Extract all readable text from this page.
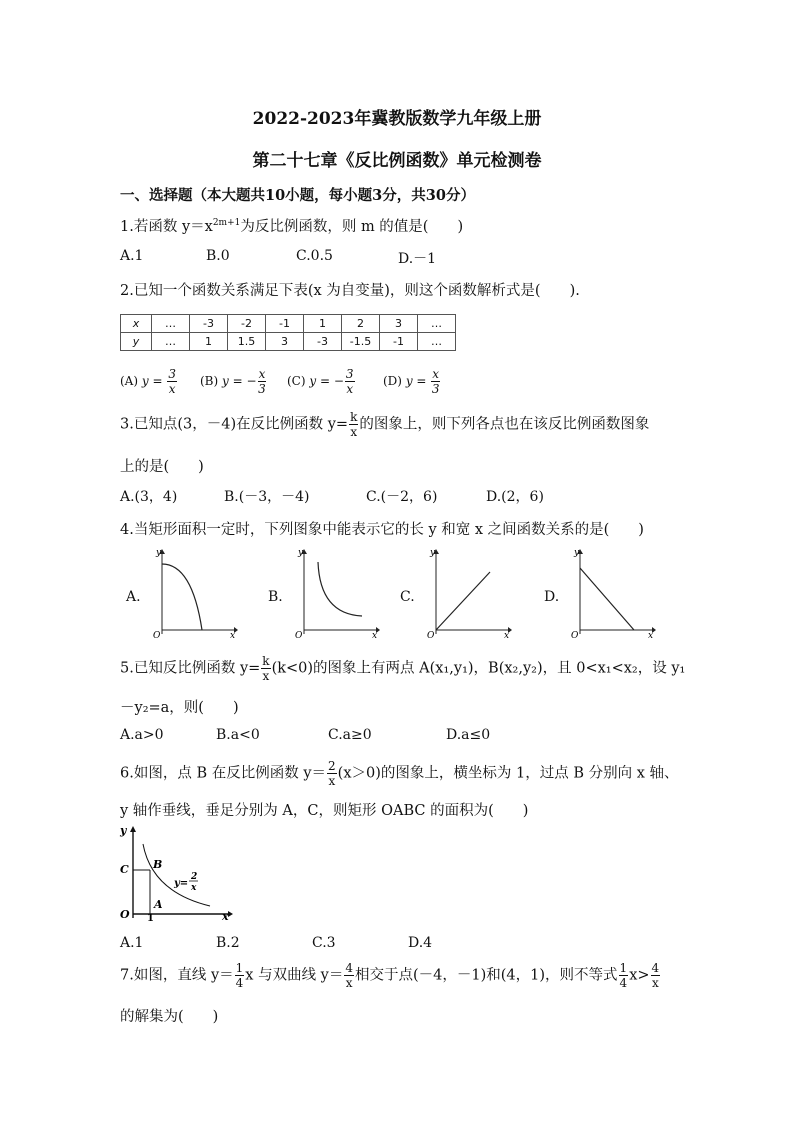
2022-2023年冀教版数学九年级上册
第二十七章《反比例函数》单元检测卷
一、选择题（本大题共10小题，每小题3分，共30分）
1.若函数 $y=x^{2m+1}$为反比例函数，则 m 的值是(　　)
A.1	B.0	C.0.5	D.－1
2.已知一个函数关系满足下表(x 为自变量)，则这个函数解析式是(　　).
x	…	-3	-2	-1	1	2	3	…
y	…	1	1.5	3	-3	-1.5	-1	…
(A) $y = \frac{3}{x} (B) y$ = − $\frac{x}{3} (C) y$ = − $\frac{3}{x} (D) y = \frac{x}{3}$
3.已知点(3，－4)在反比例函数 $y= \frac{k}{x}$ 的图象上，则下列各点也在该反比例函数图象
上的是(　　)
A.(3，4)	B.(－3，－4)	C.(－2，6)	D.(2，6)
4.当矩形面积一定时，下列图象中能表示它的长 y 和宽 x 之间函数关系的是(　　)
A.
y
x
O
B.
y
x
O
C.
y
x
O
D.
y
x
O
5.已知反比例函数 $y= \frac{k}{x} (k<0)$的图象上有两点 A(x₁,y₁)，B(x₂,y₂)，且 0<x₁<x₂，设 y₁
－y₂=a，则(　　)
A.a>0	B.a<0	C.a≥0	D.a≤0
6.如图，点 B 在反比例函数 $y= \frac{2}{x} (x>0)$的图象上，横坐标为 1，过点 B 分别向 x 轴、
y 轴作垂线，垂足分别为 A，C，则矩形 OABC 的面积为(　　)
y
x
O
C B
A
1
y=
2
x
A.1	B.2	C.3	D.4
7.如图，直线 $y= \frac{1}{4}$ x 与双曲线 $y= \frac{4}{x}$ 相交于点(－4，－1)和(4，1)，则不等式 $\frac{1}{4} x> \frac{4}{x}$
的解集为(　　)
